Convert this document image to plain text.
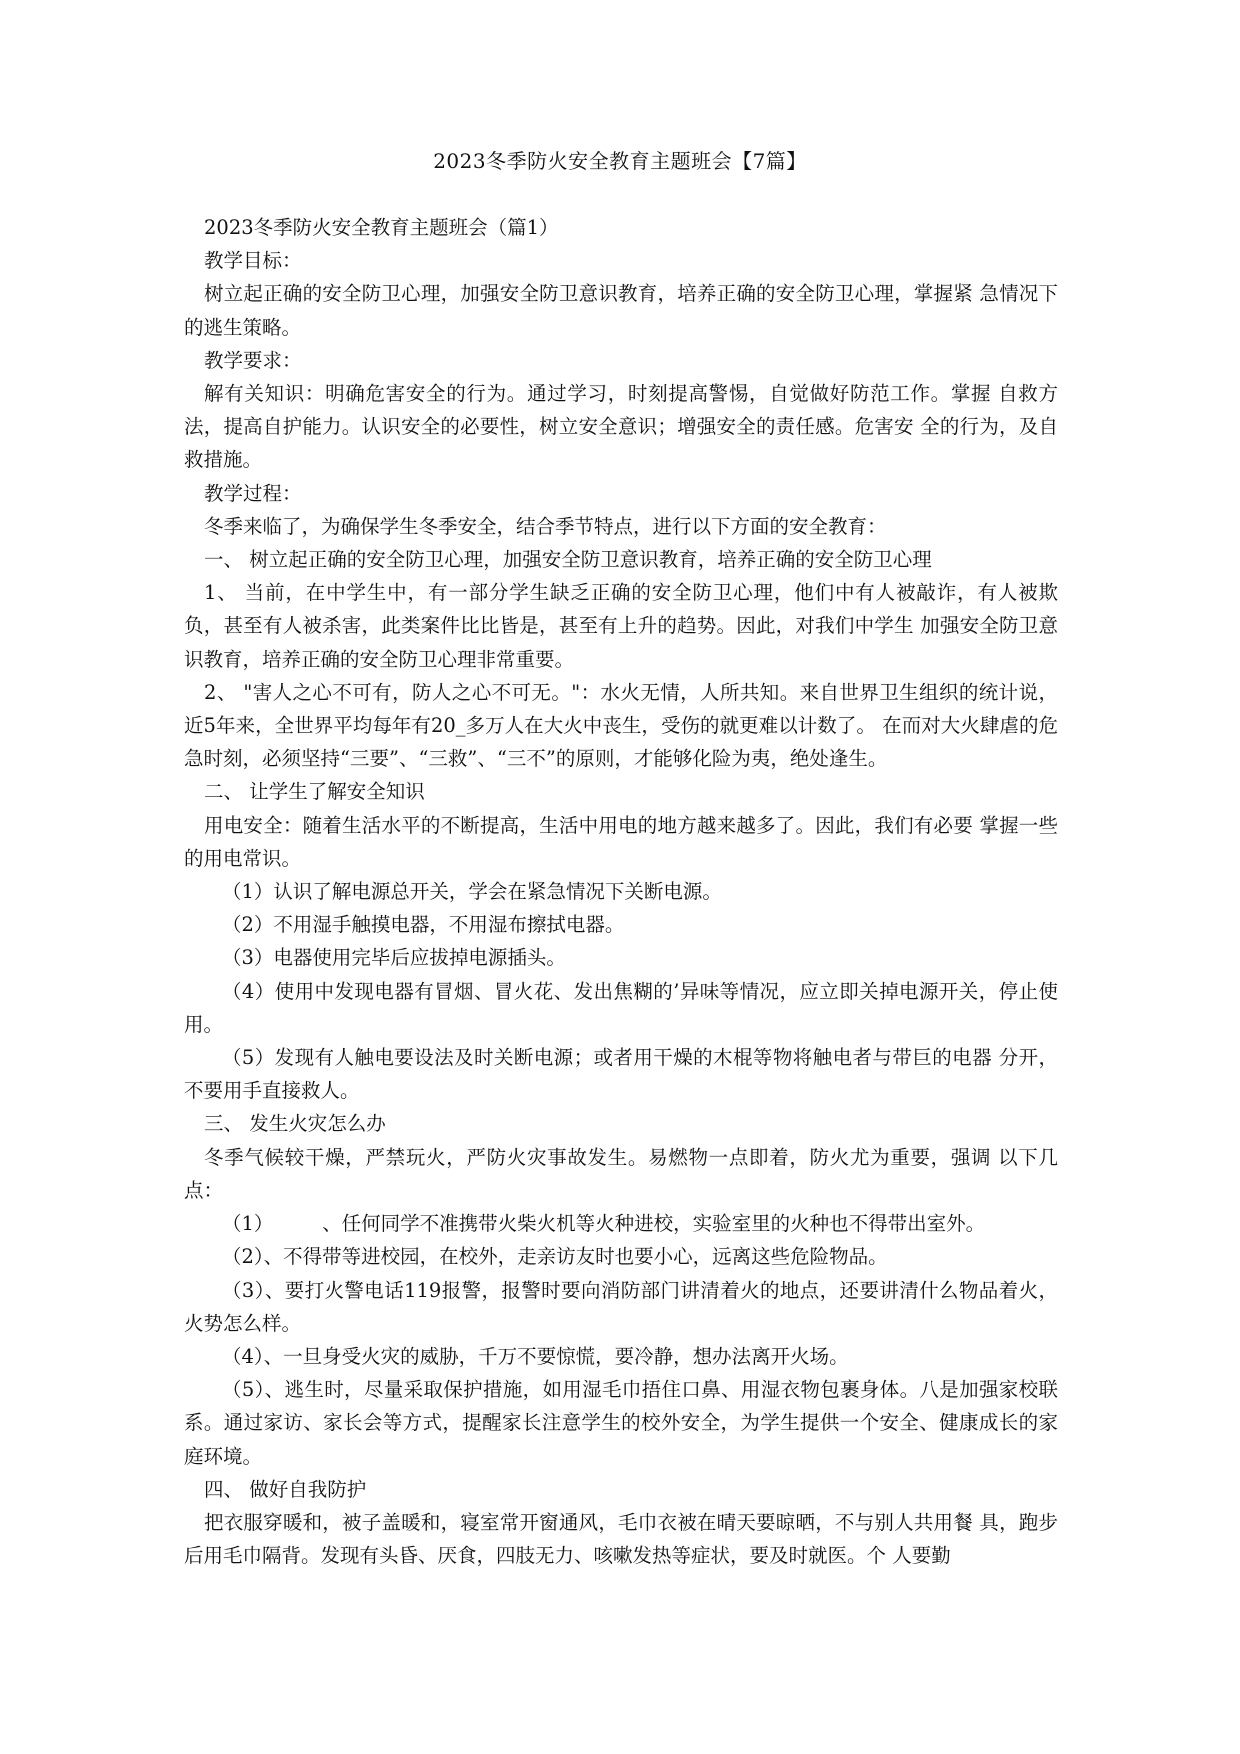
2023冬季防火安全教育主题班会【7篇】

2023冬季防火安全教育主题班会（篇1）

教学目标：

树立起正确的安全防卫心理，加强安全防卫意识教育，培养正确的安全防卫心理，掌握紧 急情况下的逃生策略。

教学要求：

解有关知识：明确危害安全的行为。通过学习，时刻提高警惕，自觉做好防范工作。掌握 自救方法，提高自护能力。认识安全的必要性，树立安全意识；增强安全的责任感。危害安 全的行为，及自救措施。

教学过程：

冬季来临了，为确保学生冬季安全，结合季节特点，进行以下方面的安全教育：

一、 树立起正确的安全防卫心理，加强安全防卫意识教育，培养正确的安全防卫心理

1、 当前，在中学生中，有一部分学生缺乏正确的安全防卫心理，他们中有人被敲诈，有人被欺负，甚至有人被杀害，此类案件比比皆是，甚至有上升的趋势。因此，对我们中学生 加强安全防卫意识教育，培养正确的安全防卫心理非常重要。

2、 "害人之心不可有，防人之心不可无。"：水火无情，人所共知。来自世界卫生组织的统计说，近5年来，全世界平均每年有20_多万人在大火中丧生，受伤的就更难以计数了。 在而对大火肆虐的危急时刻，必须坚持“三要”、“三救”、“三不”的原则，才能够化险为夷，绝处逢生。

二、 让学生了解安全知识

用电安全：随着生活水平的不断提高，生活中用电的地方越来越多了。因此，我们有必要 掌握一些的用电常识。

（1）认识了解电源总开关，学会在紧急情况下关断电源。

（2）不用湿手触摸电器，不用湿布擦拭电器。

（3）电器使用完毕后应拔掉电源插头。

（4）使用中发现电器有冒烟、冒火花、发出焦糊的’异味等情况，应立即关掉电源开关，停止使用。

（5）发现有人触电要设法及时关断电源；或者用干燥的木棍等物将触电者与带巨的电器 分开，不要用手直接救人。

三、 发生火灾怎么办

冬季气候较干燥，严禁玩火，严防火灾事故发生。易燃物一点即着，防火尤为重要，强调 以下几点：

（1）　　　、任何同学不准携带火柴火机等火种进校，实验室里的火种也不得带出室外。

（2）、不得带等进校园，在校外，走亲访友时也要小心，远离这些危险物品。

（3）、要打火警电话119报警，报警时要向消防部门讲清着火的地点，还要讲清什么物品着火，火势怎么样。

（4）、一旦身受火灾的威胁，千万不要惊慌，要冷静，想办法离开火场。

（5）、逃生时，尽量采取保护措施，如用湿毛巾捂住口鼻、用湿衣物包裹身体。八是加强家校联系。通过家访、家长会等方式，提醒家长注意学生的校外安全，为学生提供一个安全、健康成长的家庭环境。

四、 做好自我防护

把衣服穿暖和，被子盖暖和，寝室常开窗通风，毛巾衣被在晴天要晾晒，不与别人共用餐 具，跑步后用毛巾隔背。发现有头昏、厌食，四肢无力、咳嗽发热等症状，要及时就医。个 人要勤
